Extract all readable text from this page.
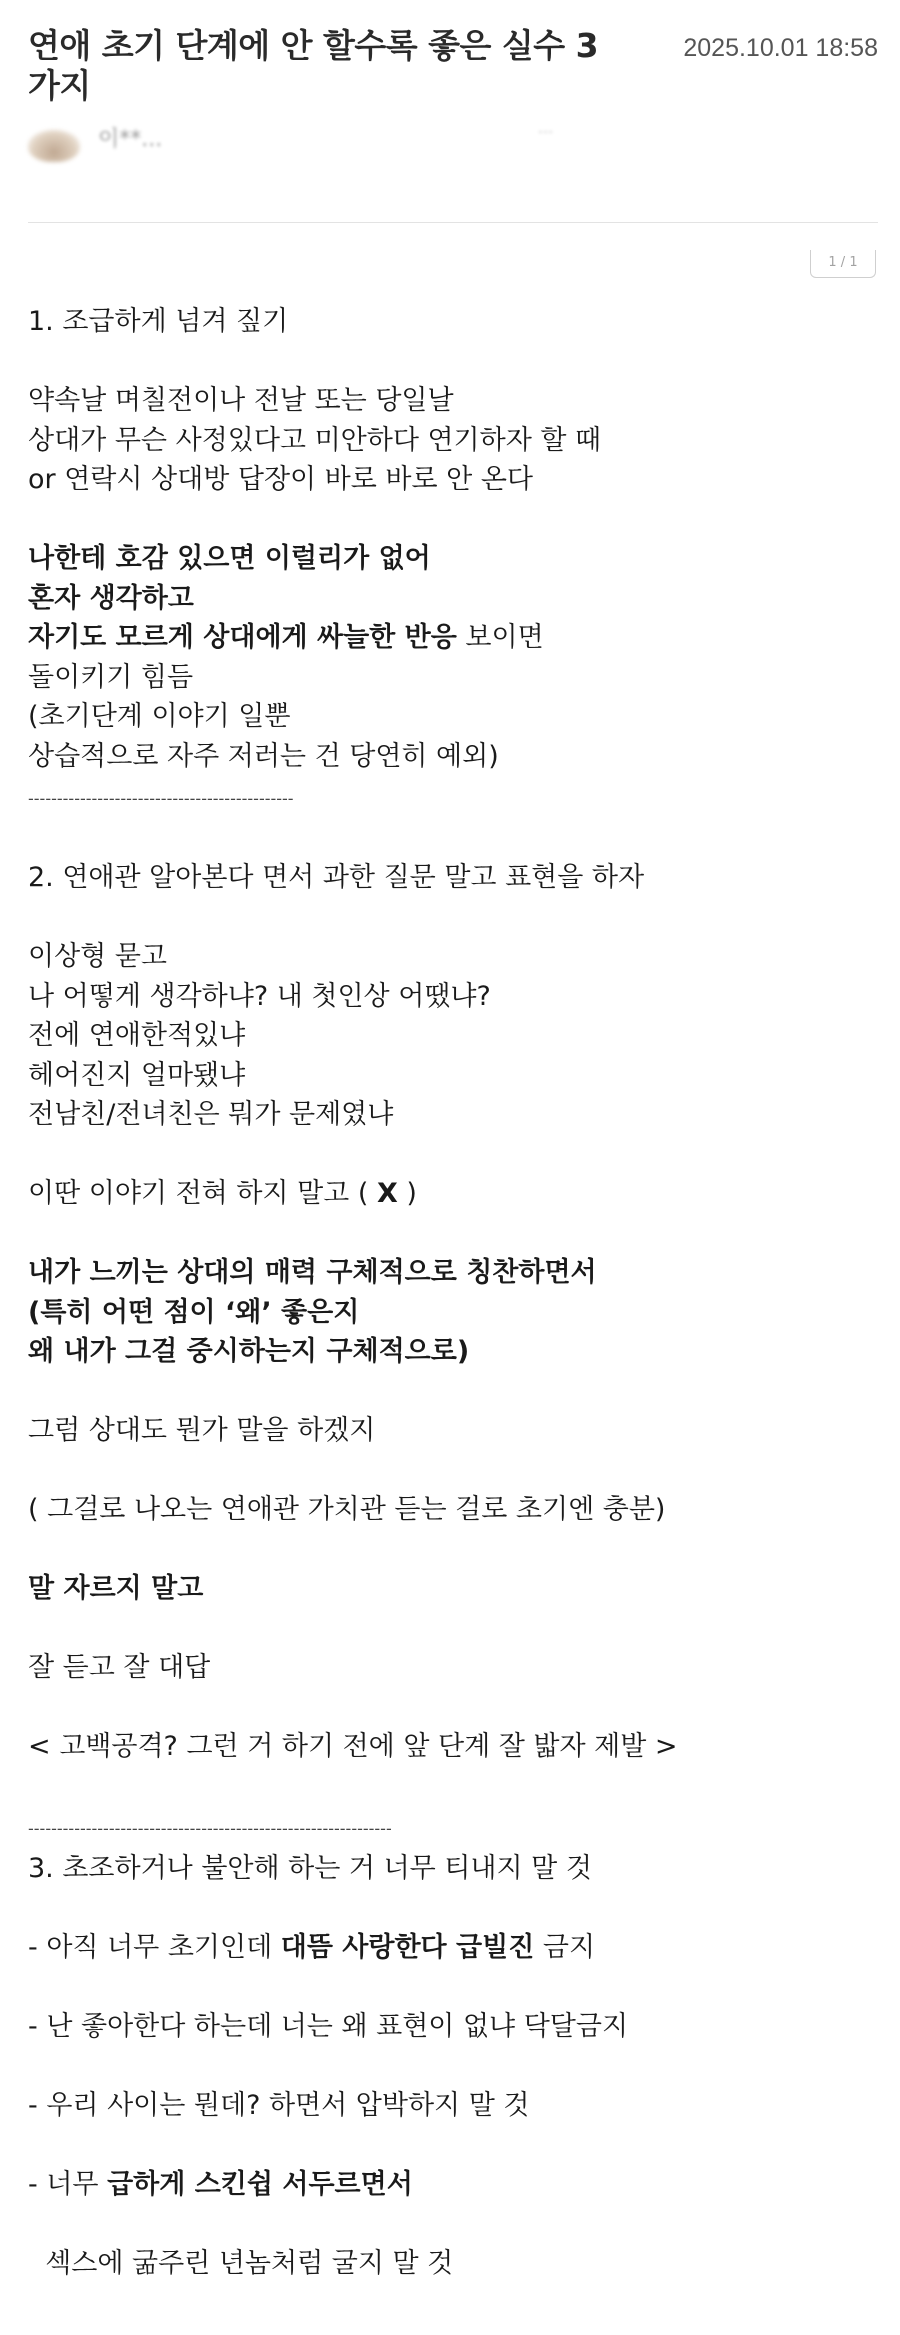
연애 초기 단계에 안 할수록 좋은 실수 3 가지
2025.10.01 18:58
이**...	...
1 / 1
1. 조급하게 넘겨 짚기
약속날 며칠전이나 전날 또는 당일날
상대가 무슨 사정있다고 미안하다 연기하자 할 때
or 연락시 상대방 답장이 바로 바로 안 온다
나한테 호감 있으면 이럴리가 없어
혼자 생각하고
자기도 모르게 상대에게 싸늘한 반응 보이면
돌이키기 힘듬
(초기단계 이야기 일뿐
상습적으로 자주 저러는 건 당연히 예외)
----------------------------------------------
2. 연애관 알아본다 면서 과한 질문 말고 표현을 하자
이상형 묻고
나 어떻게 생각하냐? 내 첫인상 어땠냐?
전에 연애한적있냐
헤어진지 얼마됐냐
전남친/전녀친은 뭐가 문제였냐
이딴 이야기 전혀 하지 말고 ( X )
내가 느끼는 상대의 매력 구체적으로 칭찬하면서
(특히 어떤 점이 ‘왜’ 좋은지
왜 내가 그걸 중시하는지 구체적으로)
그럼 상대도 뭔가 말을 하겠지
( 그걸로 나오는 연애관 가치관 듣는 걸로 초기엔 충분)
말 자르지 말고
잘 듣고 잘 대답
< 고백공격? 그런 거 하기 전에 앞 단계 잘 밟자 제발 >
---------------------------------------------------------------
3. 초조하거나 불안해 하는 거 너무 티내지 말 것
- 아직 너무 초기인데 대뜸 사랑한다 급빌진 금지
- 난 좋아한다 하는데 너는 왜 표현이 없냐 닥달금지
- 우리 사이는 뭔데? 하면서 압박하지 말 것
- 너무 급하게 스킨쉽 서두르면서
섹스에 굶주린 년놈처럼 굴지 말 것
